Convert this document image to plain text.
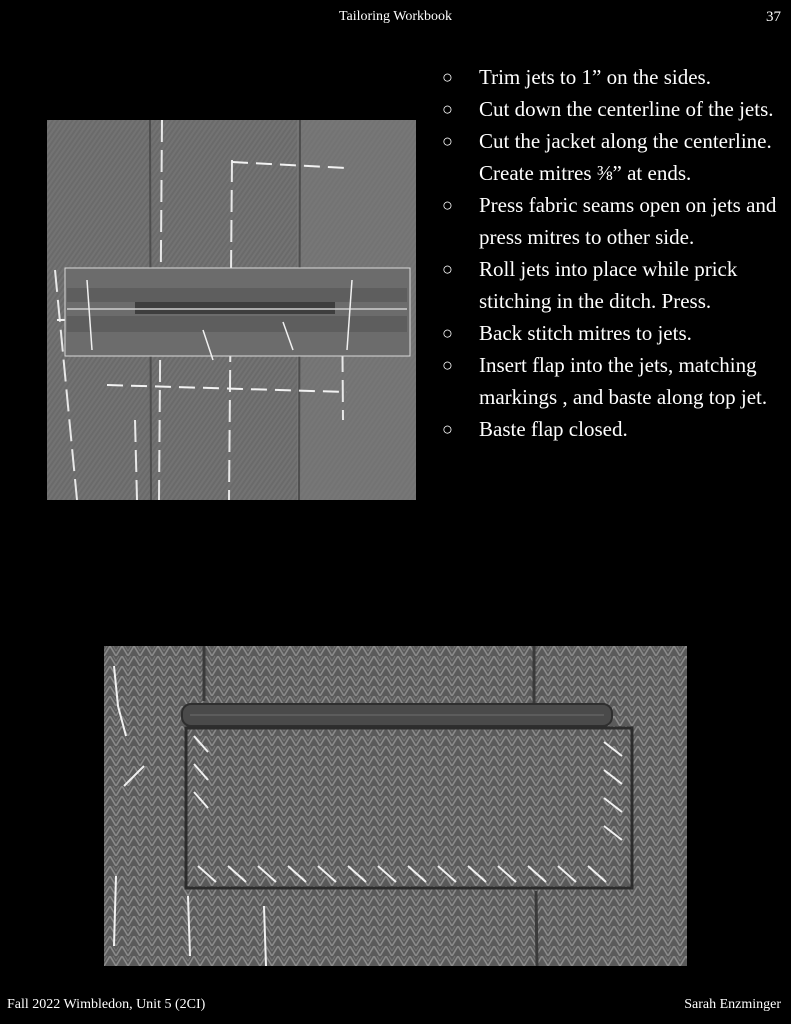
Tailoring Workbook	37
○ Trim jets to 1” on the sides.
○ Cut down the centerline of the jets.
○ Cut the jacket along the centerline. Create mitres ⅜” at ends.
○ Press fabric seams open on jets and press mitres to other side.
○ Roll jets into place while prick stitching in the ditch. Press.
○ Back stitch mitres to jets.
○ Insert flap into the jets, matching markings , and baste along top jet.
○ Baste flap closed.
Fall 2022 Wimbledon, Unit 5 (2CI)	Sarah Enzminger
